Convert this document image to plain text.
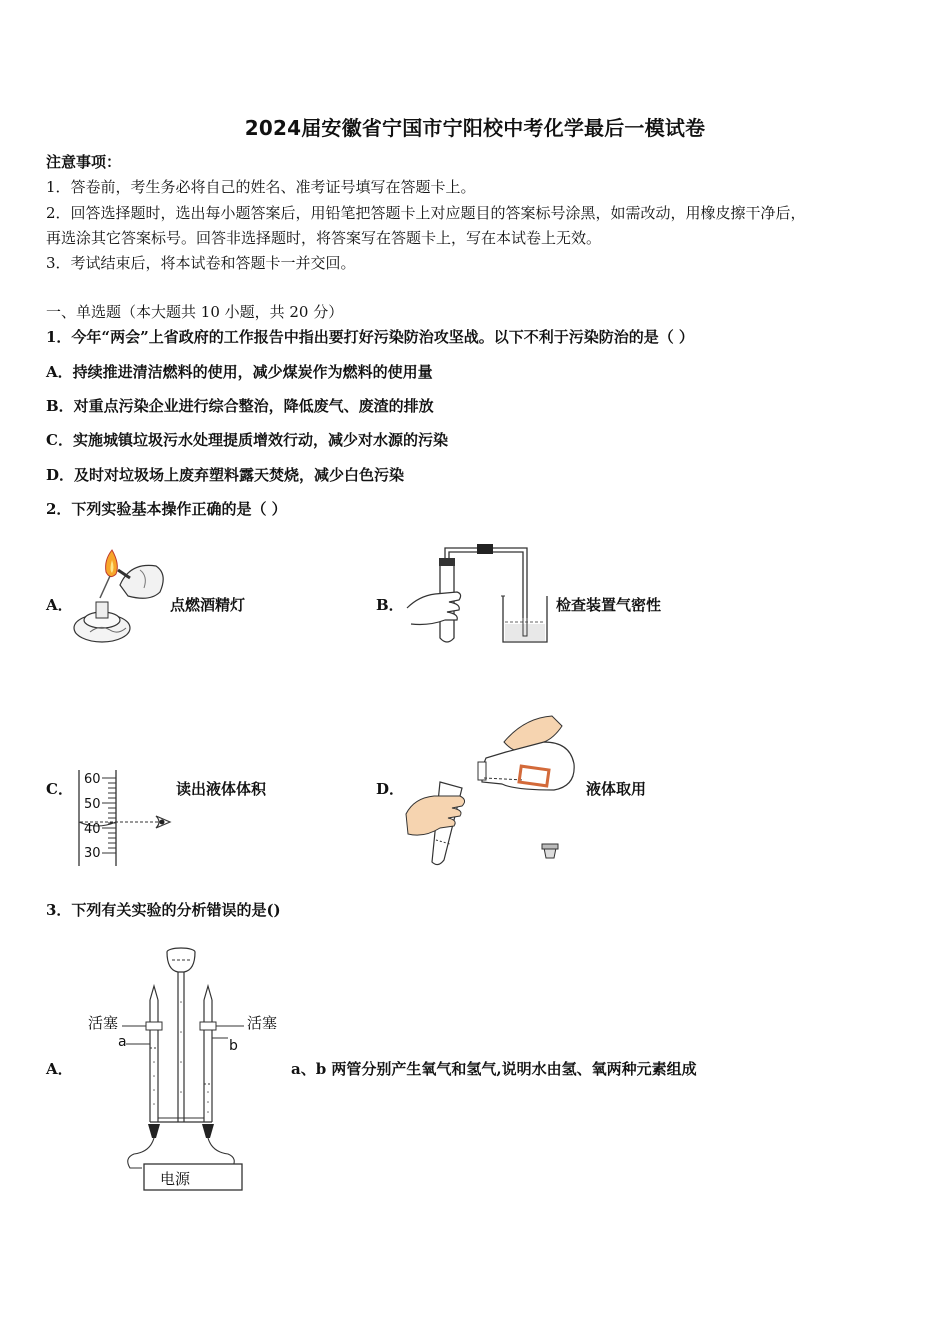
2024届安徽省宁国市宁阳校中考化学最后一模试卷
注意事项：
1．答卷前，考生务必将自己的姓名、准考证号填写在答题卡上。
2．回答选择题时，选出每小题答案后，用铅笔把答题卡上对应题目的答案标号涂黑，如需改动，用橡皮擦干净后，
再选涂其它答案标号。回答非选择题时，将答案写在答题卡上，写在本试卷上无效。
3．考试结束后，将本试卷和答题卡一并交回。
一、单选题（本大题共 10 小题，共 20 分）
1．今年“两会”上省政府的工作报告中指出要打好污染防治攻坚战。以下不利于污染防治的是（ ）
A．持续推进清洁燃料的使用，减少煤炭作为燃料的使用量
B．对重点污染企业进行综合整治，降低废气、废渣的排放
C．实施城镇垃圾污水处理提质增效行动，减少对水源的污染
D．及时对垃圾场上废弃塑料露天焚烧，减少白色污染
2．下列实验基本操作正确的是（ ）
A．	点燃酒精灯	B．	检查装置气密性
C．
60
50
40
30
读出液体体积	D．	液体取用
3．下列有关实验的分析错误的是()
A．
活塞	活塞
a	b
电源
a、b 两管分别产生氧气和氢气,说明水由氢、氧两种元素组成
